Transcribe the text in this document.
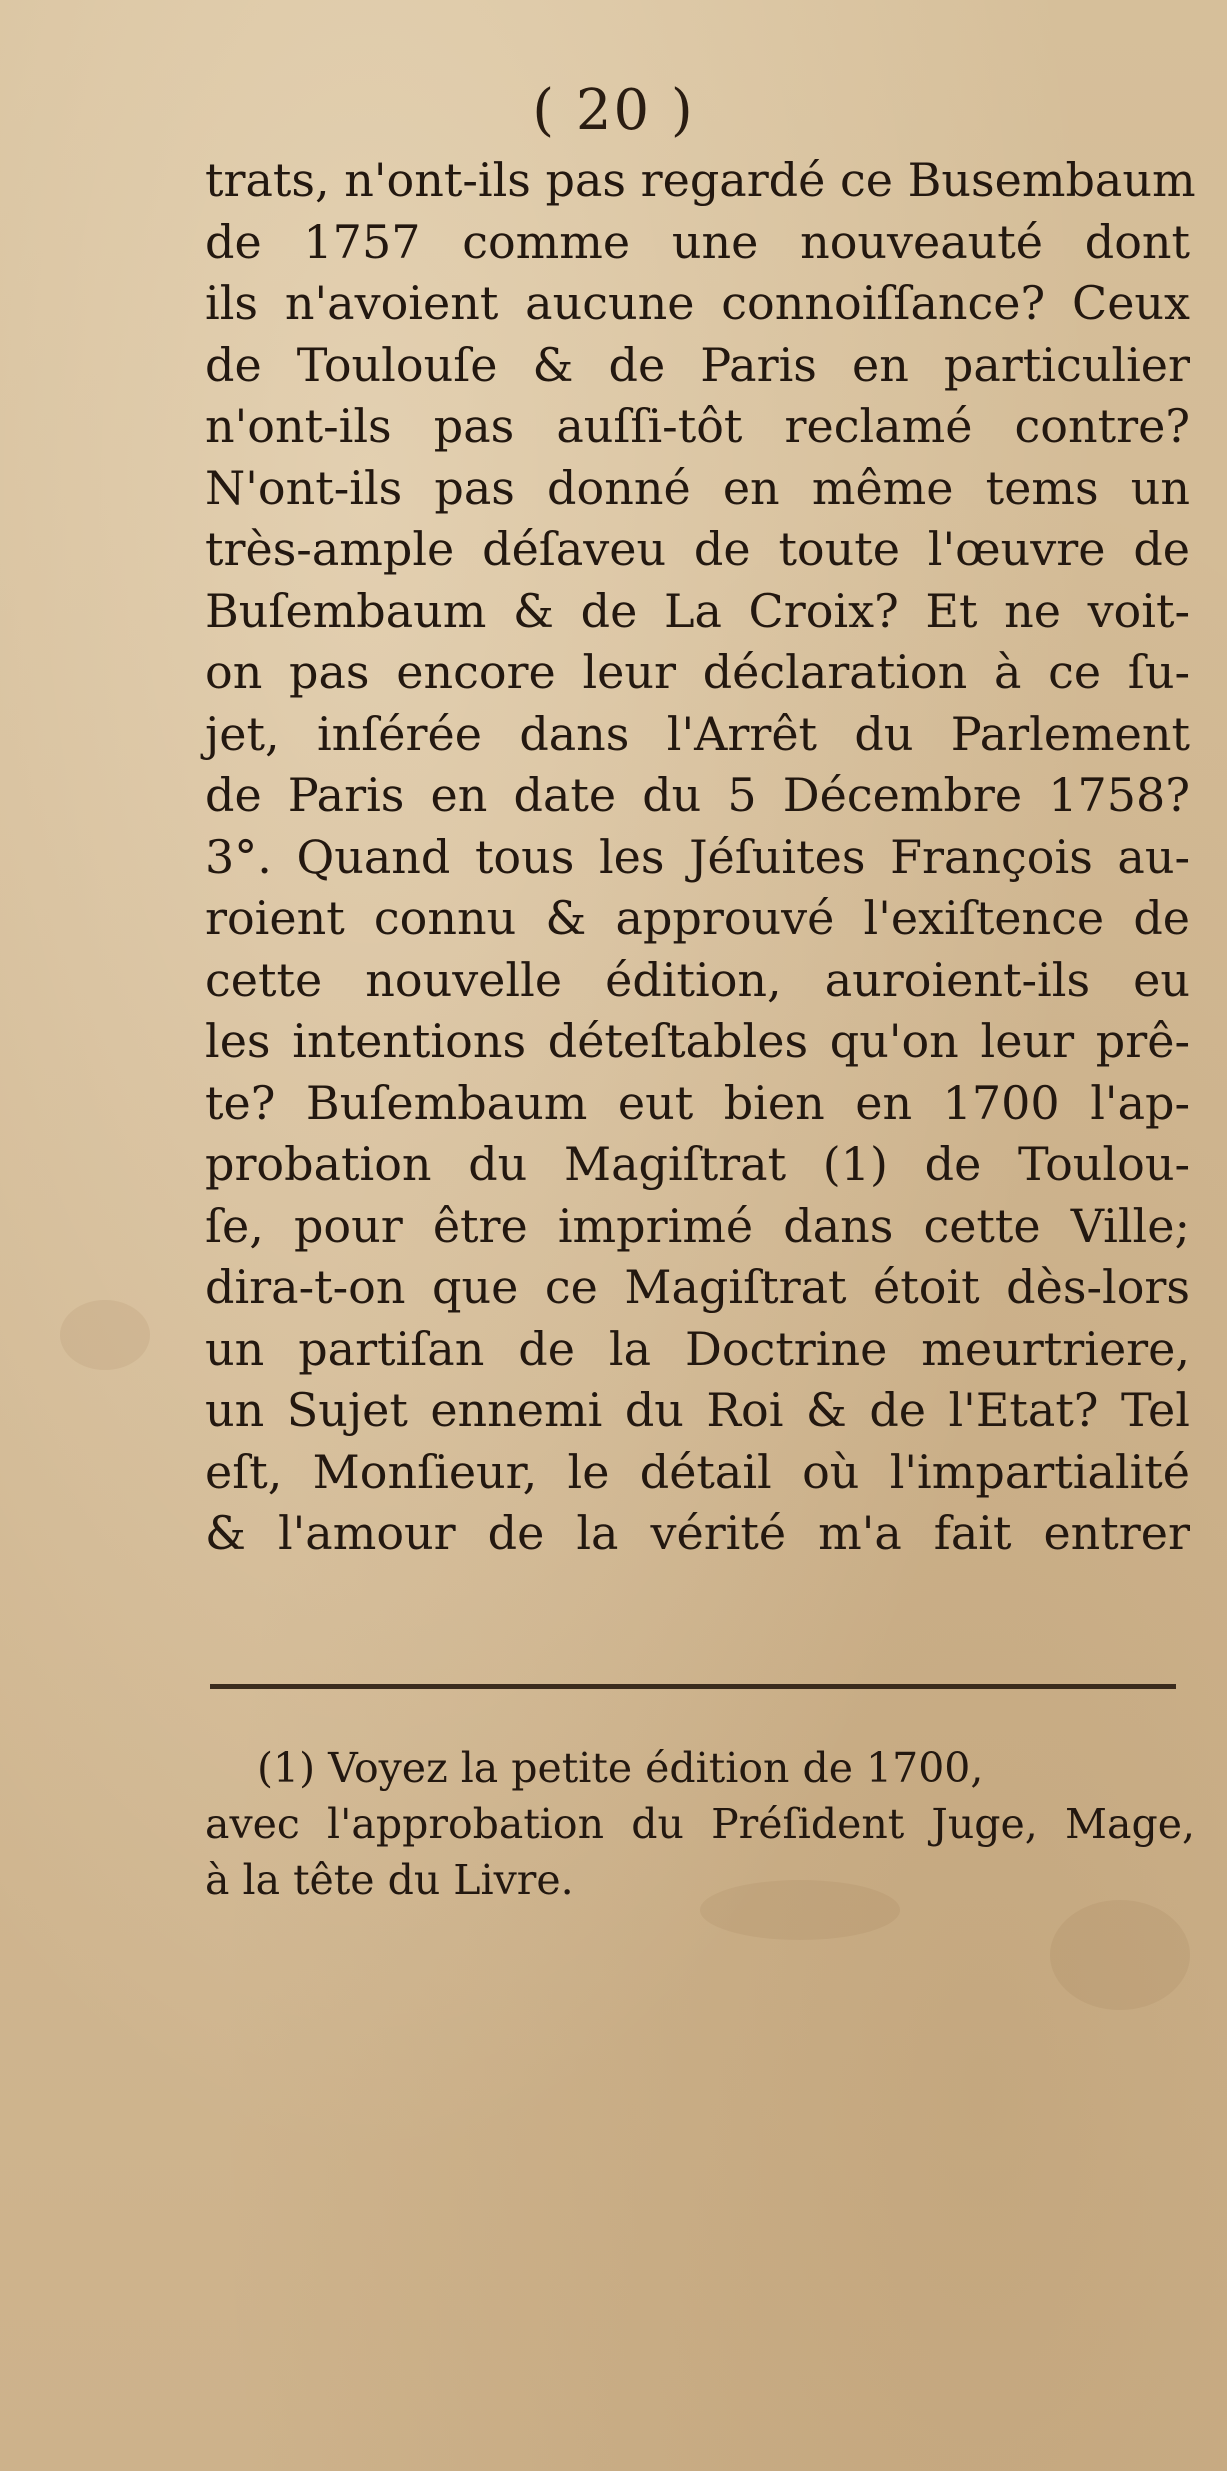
( 20 )
trats, n'ont-ils pas regardé ce Busembaum
de 1757 comme une nouveauté dont
ils n'avoient aucune connoiſſance? Ceux
de Toulouſe & de Paris en particulier
n'ont-ils pas auſſi-tôt reclamé contre?
N'ont-ils pas donné en même tems un
très-ample déſaveu de toute l'œuvre de
Buſembaum & de La Croix? Et ne voit-
on pas encore leur déclaration à ce ſu-
jet, inſérée dans l'Arrêt du Parlement
de Paris en date du 5 Décembre 1758?
3°. Quand tous les Jéſuites François au-
roient connu & approuvé l'exiſtence de
cette nouvelle édition, auroient-ils eu
les intentions déteſtables qu'on leur prê-
te? Buſembaum eut bien en 1700 l'ap-
probation du Magiſtrat (1) de Toulou-
ſe, pour être imprimé dans cette Ville;
dira-t-on que ce Magiſtrat étoit dès-lors
un partiſan de la Doctrine meurtriere,
un Sujet ennemi du Roi & de l'Etat? Tel
eſt, Monſieur, le détail où l'impartialité
& l'amour de la vérité m'a fait entrer
(1) Voyez la petite édition de 1700,
avec l'approbation du Préſident Juge, Mage,
à la tête du Livre.
